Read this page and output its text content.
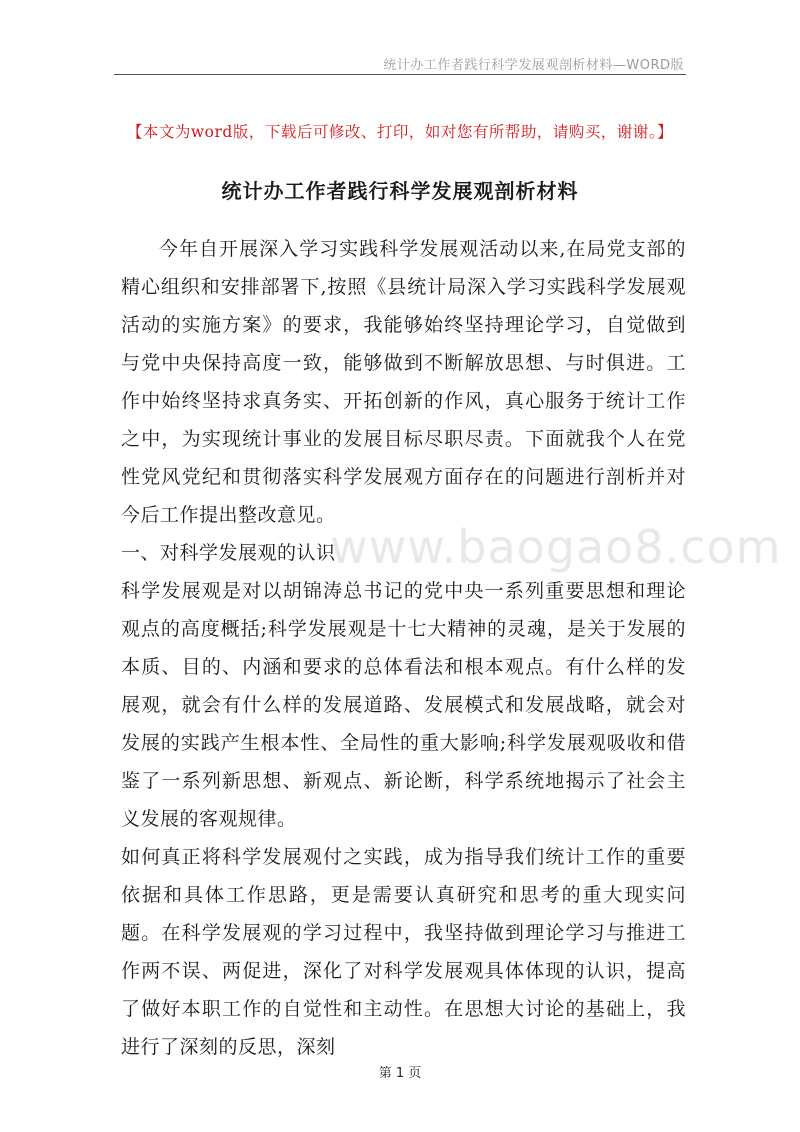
统计办工作者践行科学发展观剖析材料—WORD版
【本文为word版，下载后可修改、打印，如对您有所帮助，请购买，谢谢。】
统计办工作者践行科学发展观剖析材料
www.baogao8.com

今年自开展深入学习实践科学发展观活动以来,在局党支部的精心组织和安排部署下,按照《县统计局深入学习实践科学发展观活动的实施方案》的要求，我能够始终坚持理论学习，自觉做到与党中央保持高度一致，能够做到不断解放思想、与时俱进。工作中始终坚持求真务实、开拓创新的作风，真心服务于统计工作之中，为实现统计事业的发展目标尽职尽责。下面就我个人在党性党风党纪和贯彻落实科学发展观方面存在的问题进行剖析并对今后工作提出整改意见。

一、对科学发展观的认识

科学发展观是对以胡锦涛总书记的党中央一系列重要思想和理论观点的高度概括;科学发展观是十七大精神的灵魂，是关于发展的本质、目的、内涵和要求的总体看法和根本观点。有什么样的发展观，就会有什么样的发展道路、发展模式和发展战略，就会对发展的实践产生根本性、全局性的重大影响;科学发展观吸收和借鉴了一系列新思想、新观点、新论断，科学系统地揭示了社会主义发展的客观规律。

如何真正将科学发展观付之实践，成为指导我们统计工作的重要依据和具体工作思路，更是需要认真研究和思考的重大现实问题。在科学发展观的学习过程中，我坚持做到理论学习与推进工作两不误、两促进，深化了对科学发展观具体体现的认识，提高了做好本职工作的自觉性和主动性。在思想大讨论的基础上，我进行了深刻的反思，深刻

第 1 页
